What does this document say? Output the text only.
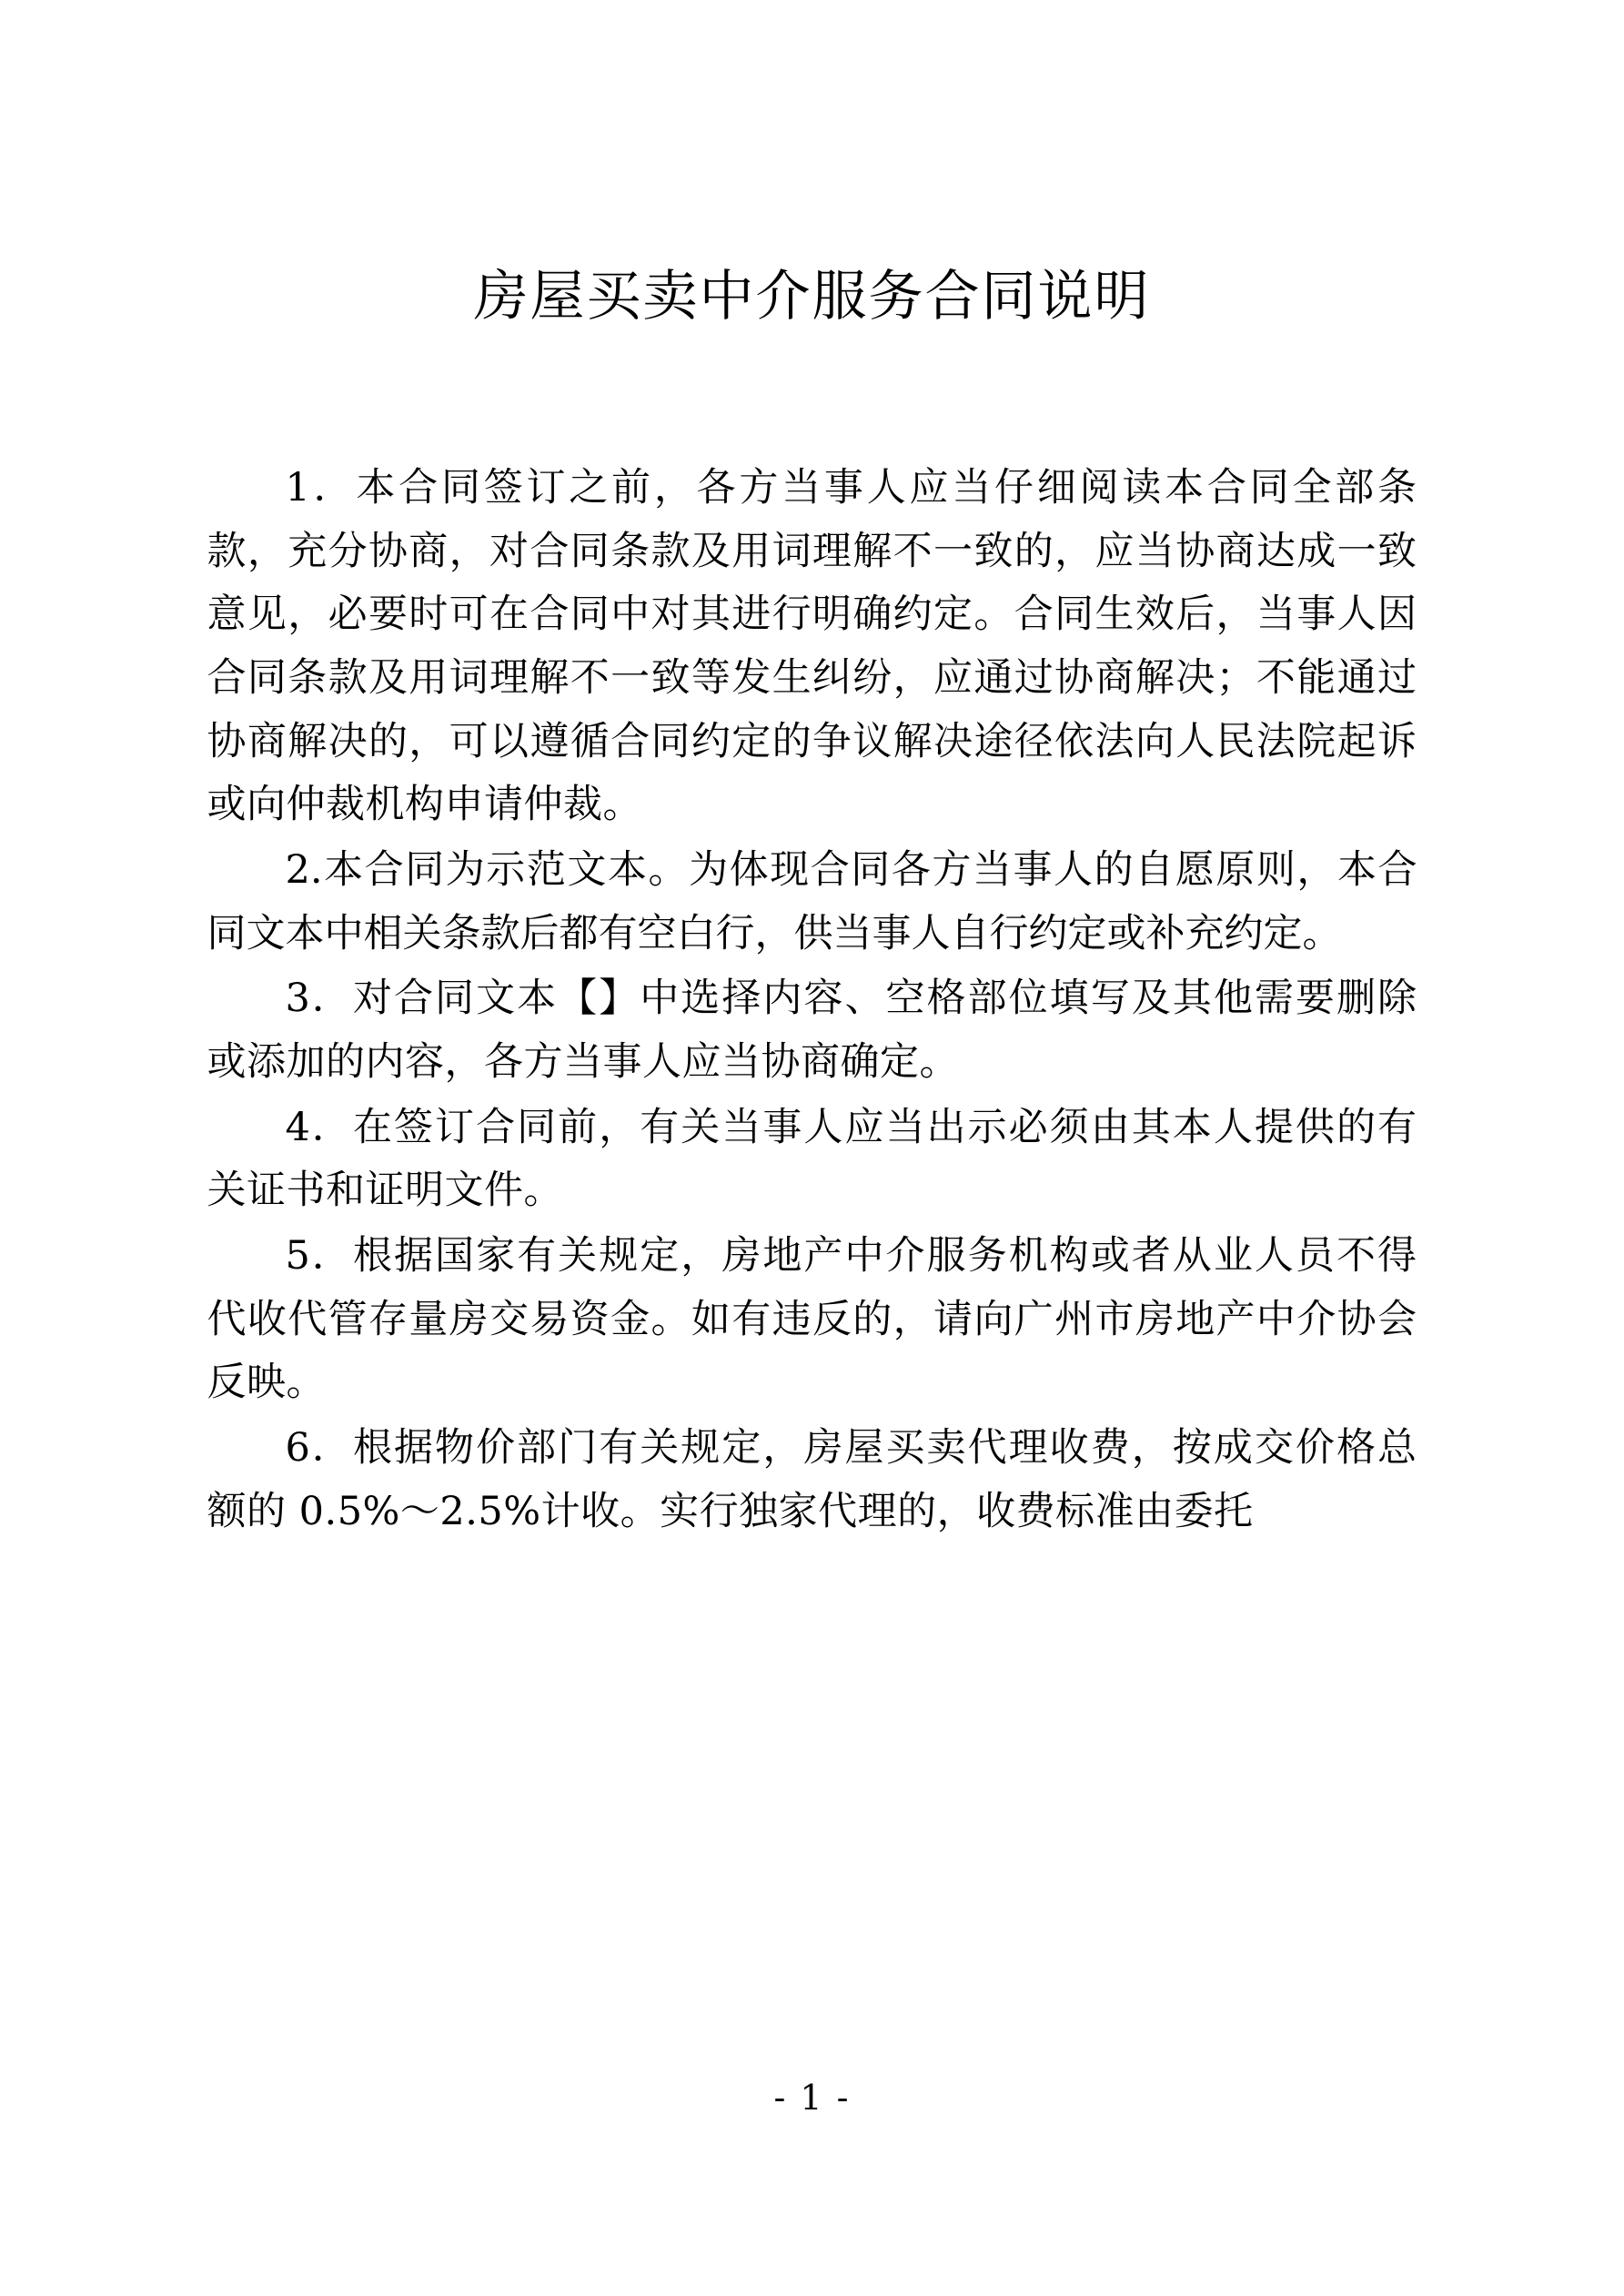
房屋买卖中介服务合同说明

1．本合同签订之前，各方当事人应当仔细阅读本合同全部条款，充分协商，对合同条款及用词理解不一致的，应当协商达成一致意见，必要时可在合同中对其进行明确约定。合同生效后，当事人因合同条款及用词理解不一致等发生纠纷，应通过协商解决；不能通过协商解决的，可以遵循合同约定的争议解决途径依法向人民法院起诉或向仲裁机构申请仲裁。

2.本合同为示范文本。为体现合同各方当事人的自愿原则，本合同文本中相关条款后都有空白行，供当事人自行约定或补充约定。

3．对合同文本【】中选择内容、空格部位填写及其他需要删除或添加的内容，各方当事人应当协商确定。

4．在签订合同前，有关当事人应当出示必须由其本人提供的有关证书和证明文件。

5．根据国家有关规定，房地产中介服务机构或者从业人员不得代收代管存量房交易资金。如有违反的，请向广州市房地产中介协会反映。

6．根据物价部门有关规定，房屋买卖代理收费，按成交价格总额的 0.5%～2.5%计收。实行独家代理的，收费标准由委托

- 1 -
